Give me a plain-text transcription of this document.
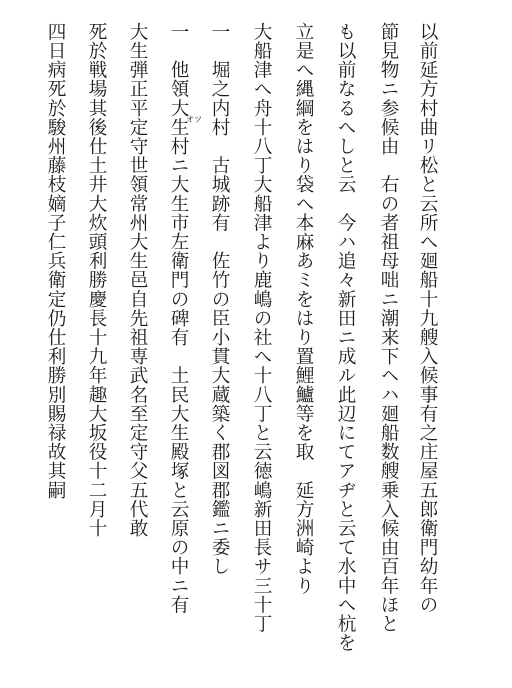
以前延方村曲リ松と云所へ廻船十九艘入候事有之庄屋五郎衛門幼年の
節見物ニ参候由　右の者祖母咄ニ潮来下ヘハ廻船数艘乗入候由百年ほと
も以前なるへしと云　今ハ追々新田ニ成ル此辺にてアヂと云て水中へ杭を
立是へ縄綱をはり袋へ本麻あミをはり置鯉鱸等を取　延方洲崎より
大船津へ舟十八丁大船津より鹿嶋の社へ十八丁と云徳嶋新田長サ三十丁
一　堀之内村　古城跡有　佐竹の臣小貫大蔵築く郡図郡鑑ニ委し
一　他領大生村ニ大生市左衛門の碑有　土民大生殿塚と云原の中ニ有
大生弾正平定守世領常州大生邑自先祖専武名至定守父五代敢
死於戦場其後仕土井大炊頭利勝慶長十九年趣大坂役十二月十
四日病死於駿州藤枝嫡子仁兵衛定仍仕利勝別賜禄故其嗣	オツ
